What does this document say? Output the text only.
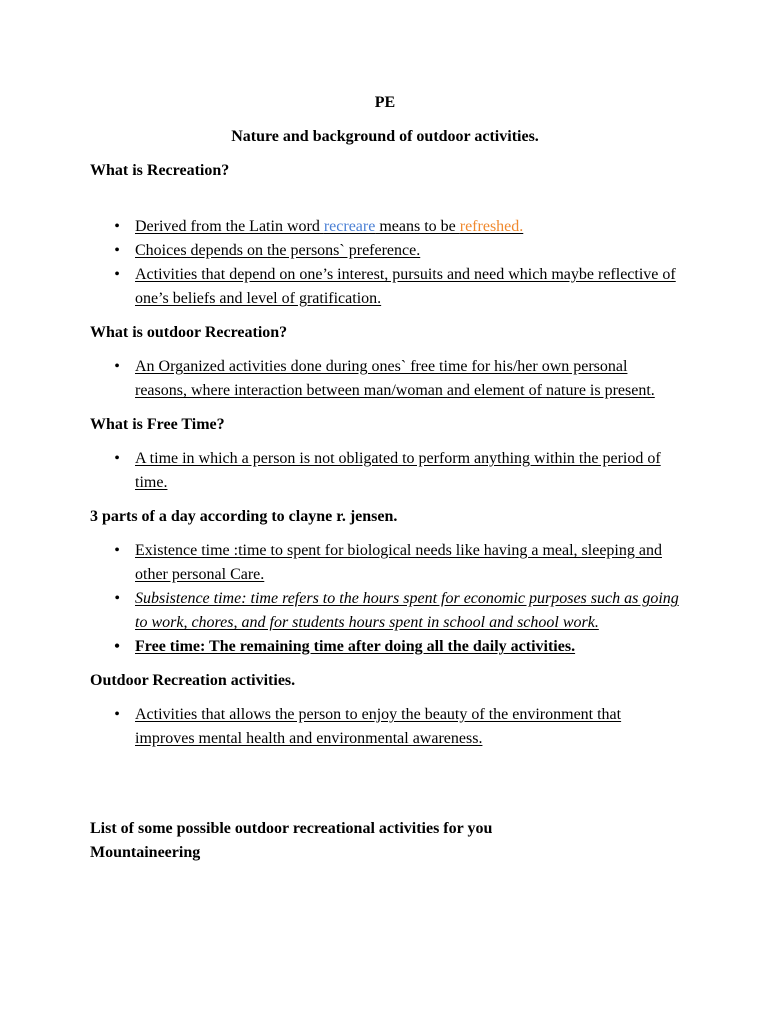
PE

Nature and background of outdoor activities.

What is Recreation?

• Derived from the Latin word recreare means to be refreshed.
• Choices depends on the persons` preference.
• Activities that depend on one’s interest, pursuits and need which maybe reflective of one’s beliefs and level of gratification.

What is outdoor Recreation?

• An Organized activities done during ones` free time for his/her own personal reasons, where interaction between man/woman and element of nature is present.

What is Free Time?

• A time in which a person is not obligated to perform anything within the period of time.

3 parts of a day according to clayne r. jensen.

• Existence time :time to spent for biological needs like having a meal, sleeping and other personal Care.
• Subsistence time: time refers to the hours spent for economic purposes such as going to work, chores, and for students hours spent in school and school work.
• Free time: The remaining time after doing all the daily activities.

Outdoor Recreation activities.

• Activities that allows the person to enjoy the beauty of the environment that improves mental health and environmental awareness.

List of some possible outdoor recreational activities for you

Mountaineering
